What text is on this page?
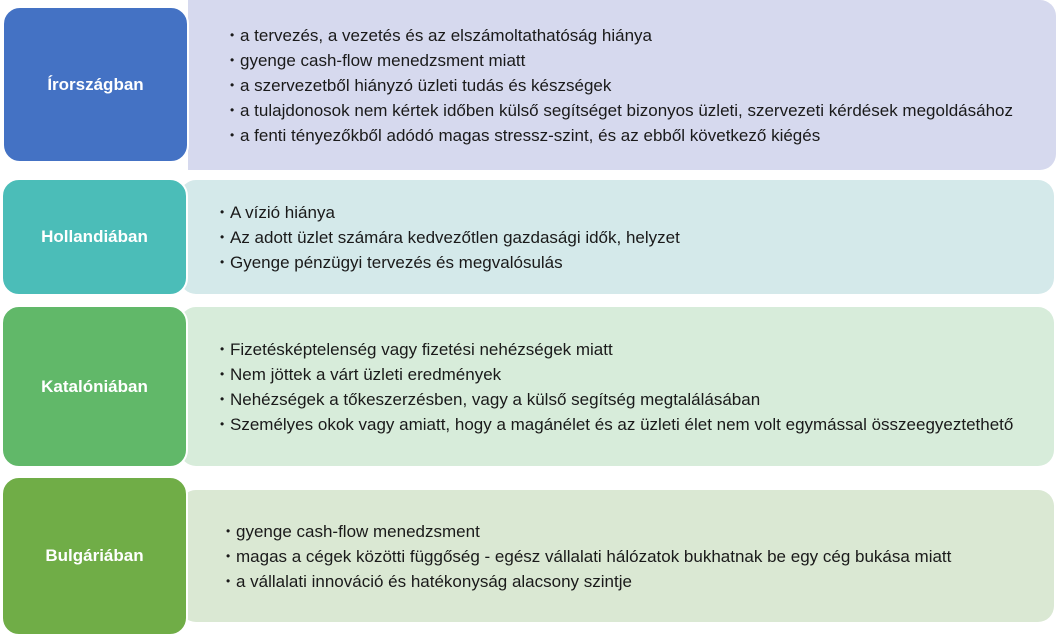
• a tervezés, a vezetés és az elszámoltathatóság hiánya
• gyenge cash-flow menedzsment miatt
• a szervezetből hiányzó üzleti tudás és készségek
• a tulajdonosok nem kértek időben külső segítséget bizonyos üzleti, szervezeti kérdések megoldásához
• a fenti tényezőkből adódó magas stressz-szint, és az ebből következő kiégés
Írországban
• A vízió hiánya
• Az adott üzlet számára kedvezőtlen gazdasági idők, helyzet
• Gyenge pénzügyi tervezés és megvalósulás
Hollandiában
• Fizetésképtelenség vagy fizetési nehézségek miatt
• Nem jöttek a várt üzleti eredmények
• Nehézségek a tőkeszerzésben, vagy a külső segítség megtalálásában
• Személyes okok vagy amiatt, hogy a magánélet és az üzleti élet nem volt egymással összeegyeztethető
Katalóniában
• gyenge cash-flow menedzsment
• magas a cégek közötti függőség - egész vállalati hálózatok bukhatnak be egy cég bukása miatt
• a vállalati innováció és hatékonyság alacsony szintje
Bulgáriában
